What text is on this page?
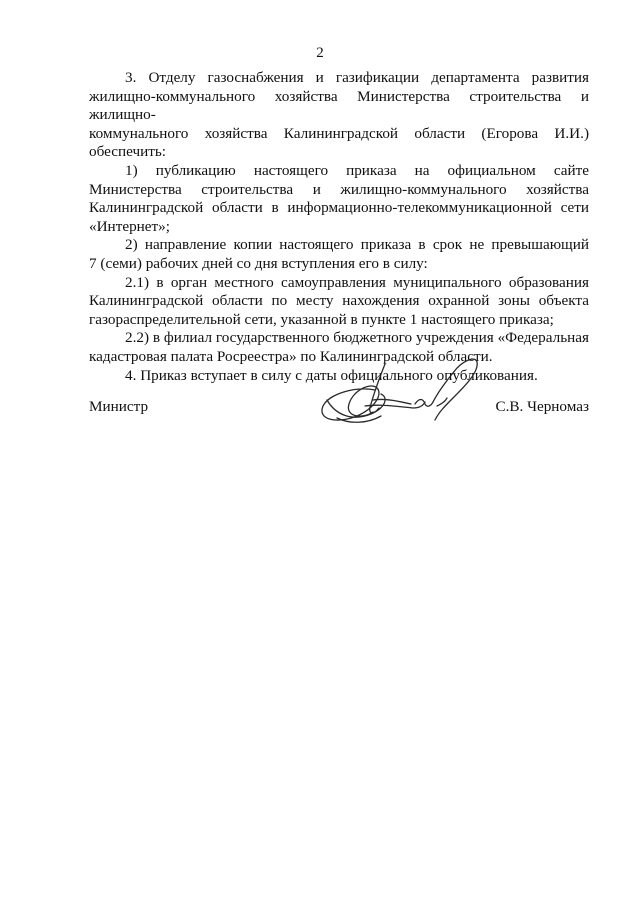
2

3. Отделу газоснабжения и газификации департамента развития

жилищно-коммунального хозяйства Министерства строительства и жилищно-

коммунального хозяйства Калининградской области (Егорова И.И.)

обеспечить:

1) публикацию настоящего приказа на официальном сайте

Министерства строительства и жилищно-коммунального хозяйства

Калининградской области в информационно-телекоммуникационной сети

«Интернет»;

2) направление копии настоящего приказа в срок не превышающий

7 (семи) рабочих дней со дня вступления его в силу:

2.1) в орган местного самоуправления муниципального образования

Калининградской области по месту нахождения охранной зоны объекта

газораспределительной сети, указанной в пункте 1 настоящего приказа;

2.2) в филиал государственного бюджетного учреждения «Федеральная

кадастровая палата Росреестра» по Калининградской области.

4. Приказ вступает в силу с даты официального опубликования.

Министр	С.В. Черномаз
